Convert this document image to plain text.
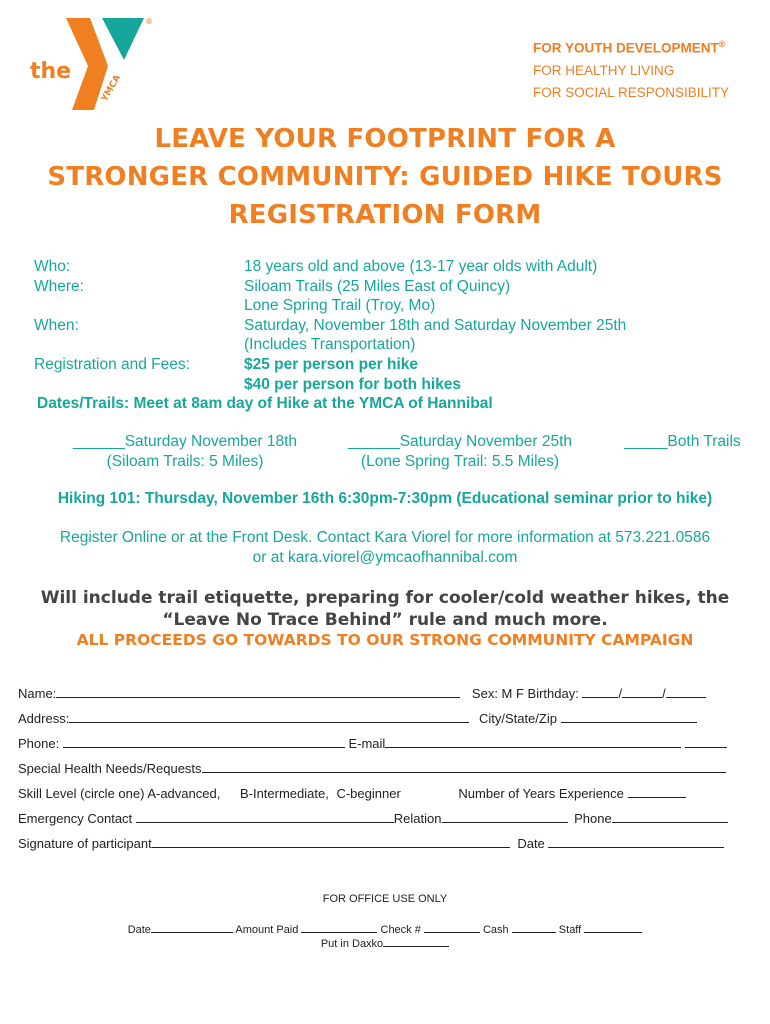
YMCA
the
®
FOR YOUTH DEVELOPMENT®
FOR HEALTHY LIVING
FOR SOCIAL RESPONSIBILITY
LEAVE YOUR FOOTPRINT FOR A
STRONGER COMMUNITY: GUIDED HIKE TOURS
REGISTRATION FORM
Who:	18 years old and above (13-17 year olds with Adult)
Where:	Siloam Trails (25 Miles East of Quincy)
Lone Spring Trail (Troy, Mo)
When:	Saturday, November 18th and Saturday November 25th
(Includes Transportation)
Registration and Fees:	$25 per person per hike
$40 per person for both hikes
Dates/Trails: Meet at 8am day of Hike at the YMCA of Hannibal
______Saturday November 18th
(Siloam Trails: 5 Miles)
______Saturday November 25th
(Lone Spring Trail: 5.5 Miles)
_____Both Trails
Hiking 101: Thursday, November 16th 6:30pm-7:30pm (Educational seminar prior to hike)
Register Online or at the Front Desk. Contact Kara Viorel for more information at 573.221.0586
or at kara.viorel@ymcaofhannibal.com
Will include trail etiquette, preparing for cooler/cold weather hikes, the
“Leave No Trace Behind” rule and much more.
ALL PROCEEDS GO TOWARDS TO OUR STRONG COMMUNITY CAMPAIGN
Name:	Sex: M F Birthday:	/	/
Address:	City/State/Zip
Phone:	E-mail
Special Health Needs/Requests
Skill Level (circle one) A-advanced, B-Intermediate, C-beginner	Number of Years Experience
Emergency Contact	Relation	Phone
Signature of participant	Date
FOR OFFICE USE ONLY
Date	Amount Paid	Check #	Cash	Staff
Put in Daxko
